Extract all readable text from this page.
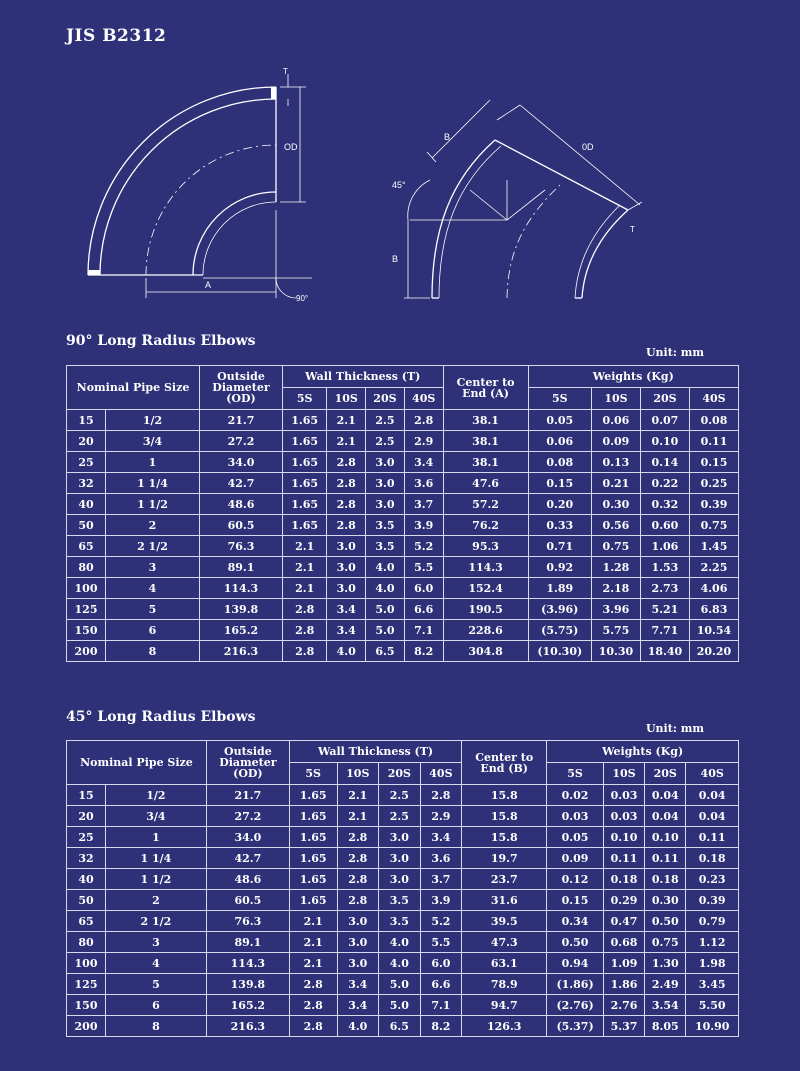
JIS B2312
T
OD
A
90°
B
0D
45°
B
T
90° Long Radius Elbows
Unit: mm
Nominal Pipe Size		Outside Diameter (OD)	Wall Thickness (T)				Center to End (A)	Weights (Kg)			
			5S	10S	20S	40S		5S	10S	20S	40S
15	1/2	21.7	1.65	2.1	2.5	2.8	38.1	0.05	0.06	0.07	0.08
20	3/4	27.2	1.65	2.1	2.5	2.9	38.1	0.06	0.09	0.10	0.11
25	1	34.0	1.65	2.8	3.0	3.4	38.1	0.08	0.13	0.14	0.15
32	1 1/4	42.7	1.65	2.8	3.0	3.6	47.6	0.15	0.21	0.22	0.25
40	1 1/2	48.6	1.65	2.8	3.0	3.7	57.2	0.20	0.30	0.32	0.39
50	2	60.5	1.65	2.8	3.5	3.9	76.2	0.33	0.56	0.60	0.75
65	2 1/2	76.3	2.1	3.0	3.5	5.2	95.3	0.71	0.75	1.06	1.45
80	3	89.1	2.1	3.0	4.0	5.5	114.3	0.92	1.28	1.53	2.25
100	4	114.3	2.1	3.0	4.0	6.0	152.4	1.89	2.18	2.73	4.06
125	5	139.8	2.8	3.4	5.0	6.6	190.5	(3.96)	3.96	5.21	6.83
150	6	165.2	2.8	3.4	5.0	7.1	228.6	(5.75)	5.75	7.71	10.54
200	8	216.3	2.8	4.0	6.5	8.2	304.8	(10.30)	10.30	18.40	20.20
45° Long Radius Elbows
Unit: mm
Nominal Pipe Size		Outside Diameter (OD)	Wall Thickness (T)				Center to End (B)	Weights (Kg)			
			5S	10S	20S	40S		5S	10S	20S	40S
15	1/2	21.7	1.65	2.1	2.5	2.8	15.8	0.02	0.03	0.04	0.04
20	3/4	27.2	1.65	2.1	2.5	2.9	15.8	0.03	0.03	0.04	0.04
25	1	34.0	1.65	2.8	3.0	3.4	15.8	0.05	0.10	0.10	0.11
32	1 1/4	42.7	1.65	2.8	3.0	3.6	19.7	0.09	0.11	0.11	0.18
40	1 1/2	48.6	1.65	2.8	3.0	3.7	23.7	0.12	0.18	0.18	0.23
50	2	60.5	1.65	2.8	3.5	3.9	31.6	0.15	0.29	0.30	0.39
65	2 1/2	76.3	2.1	3.0	3.5	5.2	39.5	0.34	0.47	0.50	0.79
80	3	89.1	2.1	3.0	4.0	5.5	47.3	0.50	0.68	0.75	1.12
100	4	114.3	2.1	3.0	4.0	6.0	63.1	0.94	1.09	1.30	1.98
125	5	139.8	2.8	3.4	5.0	6.6	78.9	(1.86)	1.86	2.49	3.45
150	6	165.2	2.8	3.4	5.0	7.1	94.7	(2.76)	2.76	3.54	5.50
200	8	216.3	2.8	4.0	6.5	8.2	126.3	(5.37)	5.37	8.05	10.90
